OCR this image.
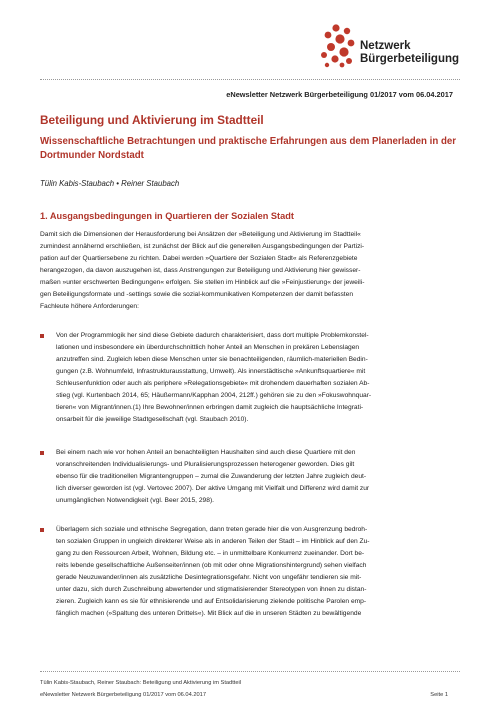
Netzwerk
Bürgerbeteiligung
eNewsletter Netzwerk Bürgerbeteiligung 01/2017 vom 06.04.2017
Beteiligung und Aktivierung im Stadtteil
Wissenschaftliche Betrachtungen und praktische Erfahrungen aus dem Planerladen in der
Dortmunder Nordstadt
Tülin Kabis-Staubach • Reiner Staubach
1. Ausgangsbedingungen in Quartieren der Sozialen Stadt
Damit sich die Dimensionen der Herausforderung bei Ansätzen der »Beteiligung und Aktivierung im Stadtteil«
zumindest annähernd erschließen, ist zunächst der Blick auf die generellen Ausgangsbedingungen der Partizi-
pation auf der Quartiersebene zu richten. Dabei werden »Quartiere der Sozialen Stadt« als Referenzgebiete
herangezogen, da davon auszugehen ist, dass Anstrengungen zur Beteiligung und Aktivierung hier gewisser-
maßen »unter erschwerten Bedingungen« erfolgen. Sie stellen im Hinblick auf die »Feinjustierung« der jeweili-
gen Beteiligungsformate und -settings sowie die sozial-kommunikativen Kompetenzen der damit befassten
Fachleute höhere Anforderungen:
Von der Programmlogik her sind diese Gebiete dadurch charakterisiert, dass dort multiple Problemkonstel-
lationen und insbesondere ein überdurchschnittlich hoher Anteil an Menschen in prekären Lebenslagen
anzutreffen sind. Zugleich leben diese Menschen unter sie benachteiligenden, räumlich-materiellen Bedin-
gungen (z.B. Wohnumfeld, Infrastrukturausstattung, Umwelt). Als innerstädtische »Ankunftsquartiere« mit
Schleusenfunktion oder auch als periphere »Relegationsgebiete« mit drohendem dauerhaften sozialen Ab-
stieg (vgl. Kurtenbach 2014, 65; Häußermann/Kapphan 2004, 212ff.) gehören sie zu den »Fokuswohnquar-
tieren« von Migrant/innen.(1) Ihre Bewohner/innen erbringen damit zugleich die hauptsächliche Integrati-
onsarbeit für die jeweilige Stadtgesellschaft (vgl. Staubach 2010).
Bei einem nach wie vor hohen Anteil an benachteiligten Haushalten sind auch diese Quartiere mit den
voranschreitenden Individualisierungs- und Pluralisierungsprozessen heterogener geworden. Dies gilt
ebenso für die traditionellen Migrantengruppen – zumal die Zuwanderung der letzten Jahre zugleich deut-
lich diverser geworden ist (vgl. Vertovec 2007). Der aktive Umgang mit Vielfalt und Differenz wird damit zur
unumgänglichen Notwendigkeit (vgl. Beer 2015, 298).
Überlagern sich soziale und ethnische Segregation, dann treten gerade hier die von Ausgrenzung bedroh-
ten sozialen Gruppen in ungleich direkterer Weise als in anderen Teilen der Stadt – im Hinblick auf den Zu-
gang zu den Ressourcen Arbeit, Wohnen, Bildung etc. – in unmittelbare Konkurrenz zueinander. Dort be-
reits lebende gesellschaftliche Außenseiter/innen (ob mit oder ohne Migrationshintergrund) sehen vielfach
gerade Neuzuwander/innen als zusätzliche Desintegrationsgefahr. Nicht von ungefähr tendieren sie mit-
unter dazu, sich durch Zuschreibung abwertender und stigmatisierender Stereotypen von ihnen zu distan-
zieren. Zugleich kann es sie für ethnisierende und auf Entsolidarisierung zielende politische Parolen emp-
fänglich machen (»Spaltung des unteren Drittels«). Mit Blick auf die in unseren Städten zu bewältigende
Tülin Kabis-Staubach, Reiner Staubach: Beteiligung und Aktivierung im Stadtteil
eNewsletter Netzwerk Bürgerbeteiligung 01/2017 vom 06.04.2017	Seite 1
